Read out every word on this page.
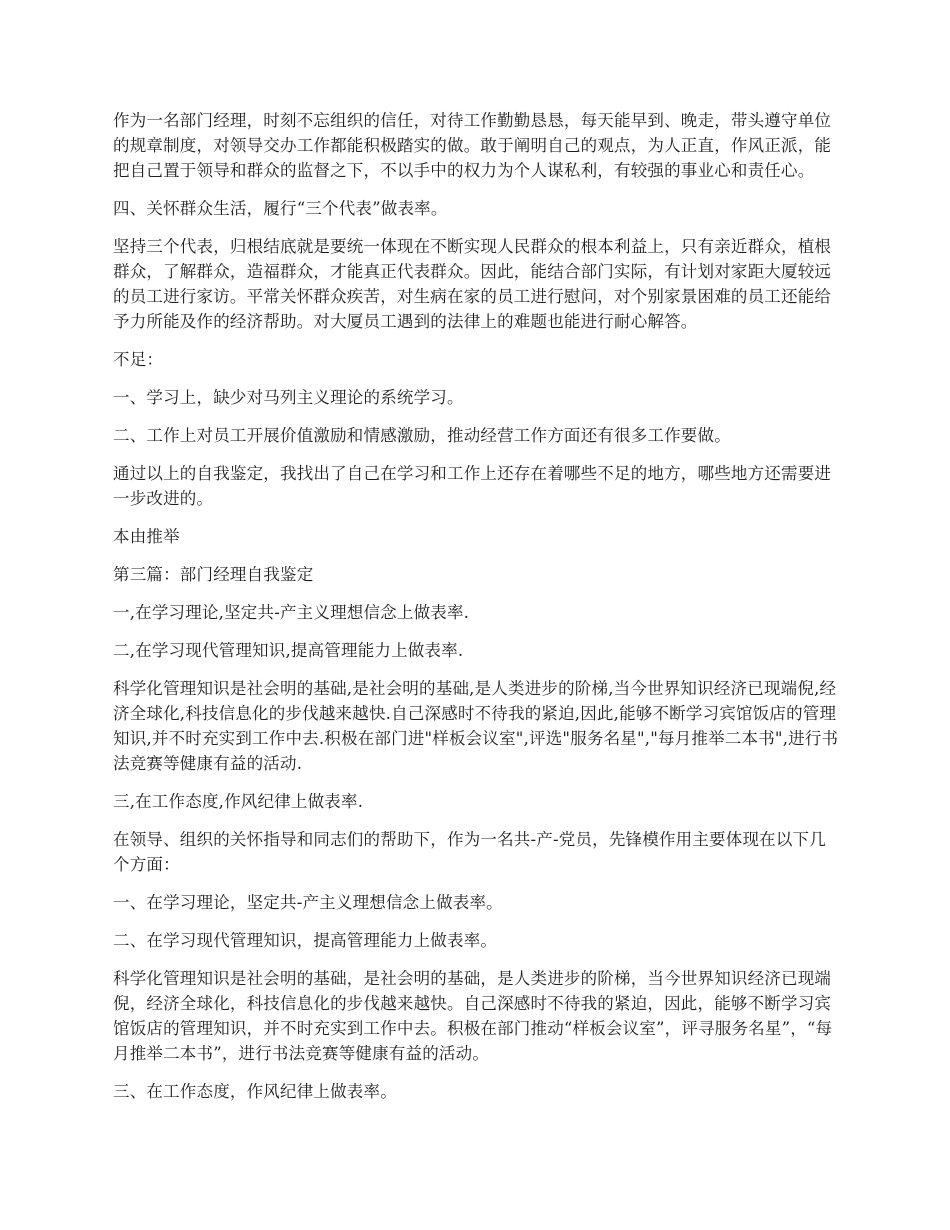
作为一名部门经理，时刻不忘组织的信任，对待工作勤勤恳恳，每天能早到、晚走，带头遵守单位的规章制度，对领导交办工作都能积极踏实的做。敢于阐明自己的观点，为人正直，作风正派，能把自己置于领导和群众的监督之下，不以手中的权力为个人谋私利，有较强的事业心和责任心。

四、关怀群众生活，履行“三个代表”做表率。

坚持三个代表，归根结底就是要统一体现在不断实现人民群众的根本利益上，只有亲近群众，植根群众，了解群众，造福群众，才能真正代表群众。因此，能结合部门实际，有计划对家距大厦较远的员工进行家访。平常关怀群众疾苦，对生病在家的员工进行慰问，对个别家景困难的员工还能给予力所能及作的经济帮助。对大厦员工遇到的法律上的难题也能进行耐心解答。

不足：

一、学习上，缺少对马列主义理论的系统学习。

二、工作上对员工开展价值激励和情感激励，推动经营工作方面还有很多工作要做。

通过以上的自我鉴定，我找出了自己在学习和工作上还存在着哪些不足的地方，哪些地方还需要进一步改进的。

本由推举

第三篇：部门经理自我鉴定

一,在学习理论,坚定共-产主义理想信念上做表率.

二,在学习现代管理知识,提高管理能力上做表率.

科学化管理知识是社会明的基础,是社会明的基础,是人类进步的阶梯,当今世界知识经济已现端倪,经济全球化,科技信息化的步伐越来越快.自己深感时不待我的紧迫,因此,能够不断学习宾馆饭店的管理知识,并不时充实到工作中去.积极在部门进"样板会议室",评选"服务名星","每月推举二本书",进行书法竞赛等健康有益的活动.

三,在工作态度,作风纪律上做表率.

在领导、组织的关怀指导和同志们的帮助下，作为一名共-产-党员，先锋模作用主要体现在以下几个方面：

一、在学习理论，坚定共-产主义理想信念上做表率。

二、在学习现代管理知识，提高管理能力上做表率。

科学化管理知识是社会明的基础，是社会明的基础，是人类进步的阶梯，当今世界知识经济已现端倪，经济全球化，科技信息化的步伐越来越快。自己深感时不待我的紧迫，因此，能够不断学习宾馆饭店的管理知识，并不时充实到工作中去。积极在部门推动“样板会议室”，评寻服务名星”，“每月推举二本书”，进行书法竞赛等健康有益的活动。

三、在工作态度，作风纪律上做表率。
